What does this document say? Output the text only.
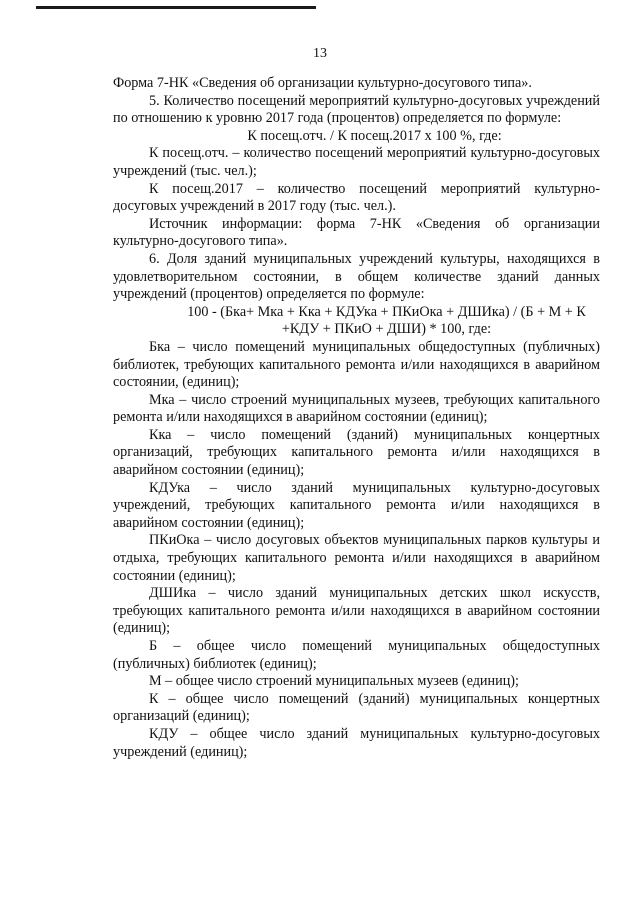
13

Форма 7-НК «Сведения об организации культурно-досугового типа».

5. Количество посещений мероприятий культурно-досуговых учреждений по отношению к уровню 2017 года (процентов) определяется по формуле:

К посещ.отч. / К посещ.2017 х 100 %, где:

К посещ.отч. – количество посещений мероприятий культурно-досуговых учреждений (тыс. чел.);

К посещ.2017 – количество посещений мероприятий культурно-досуговых учреждений в 2017 году (тыс. чел.).

Источник информации: форма 7-НК «Сведения об организации культурно-досугового типа».

6. Доля зданий муниципальных учреждений культуры, находящихся в удовлетворительном состоянии, в общем количестве зданий данных учреждений (процентов) определяется по формуле:

100 - (Бка+ Мка + Кка + КДУка + ПКиОка + ДШИка) / (Б + М + К +КДУ + ПКиО + ДШИ) * 100, где:

Бка – число помещений муниципальных общедоступных (публичных) библиотек, требующих капитального ремонта и/или находящихся в аварийном состоянии, (единиц);

Мка – число строений муниципальных музеев, требующих капитального ремонта и/или находящихся в аварийном состоянии (единиц);

Кка – число помещений (зданий) муниципальных концертных организаций, требующих капитального ремонта и/или находящихся в аварийном состоянии (единиц);

КДУка – число зданий муниципальных культурно-досуговых учреждений, требующих капитального ремонта и/или находящихся в аварийном состоянии (единиц);

ПКиОка – число досуговых объектов муниципальных парков культуры и отдыха, требующих капитального ремонта и/или находящихся в аварийном состоянии (единиц);

ДШИка – число зданий муниципальных детских школ искусств, требующих капитального ремонта и/или находящихся в аварийном состоянии (единиц);

Б – общее число помещений муниципальных общедоступных (публичных) библиотек (единиц);

М – общее число строений муниципальных музеев (единиц);

К – общее число помещений (зданий) муниципальных концертных организаций (единиц);

КДУ – общее число зданий муниципальных культурно-досуговых учреждений (единиц);
